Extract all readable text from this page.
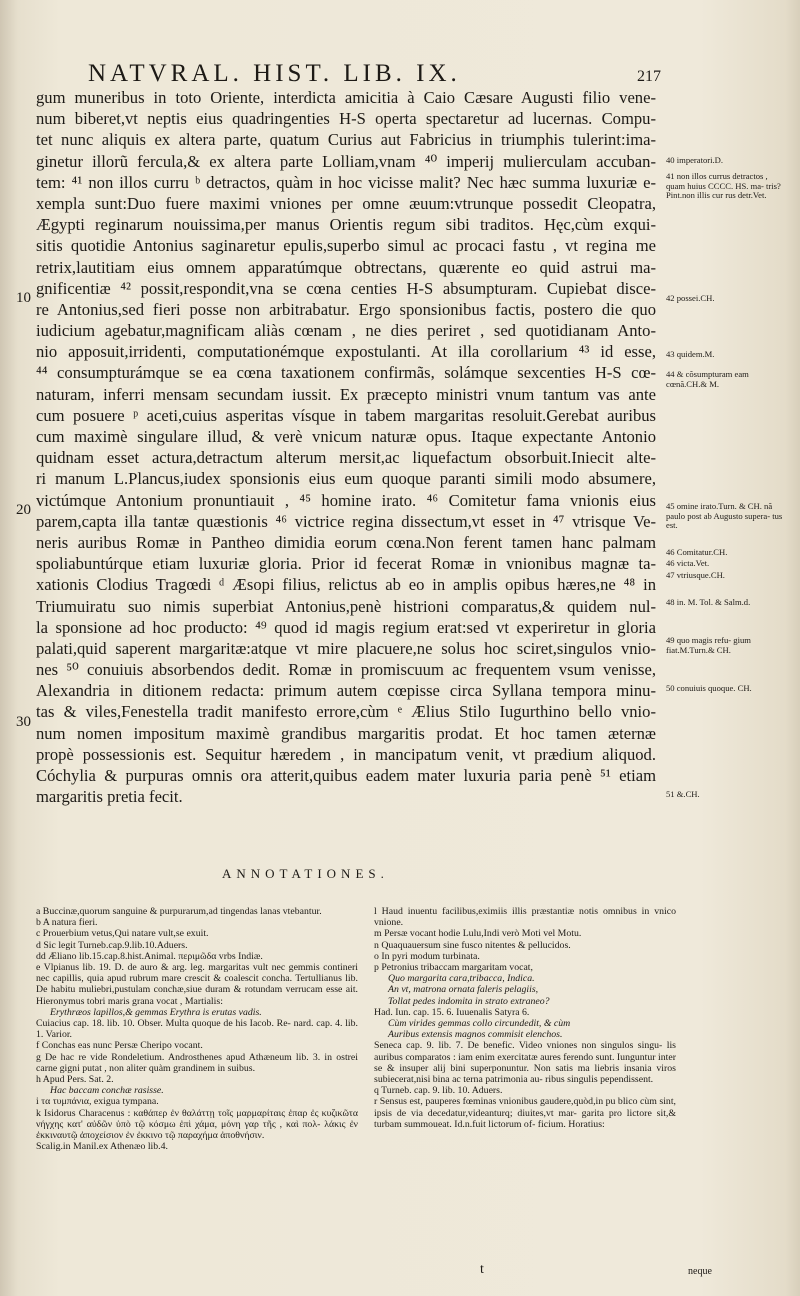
NATVRAL. HIST. LIB. IX.	217
gum muneribus in toto Oriente, interdicta amicitia à Caio Cæsare Augusti filio vene-
num biberet,vt neptis eius quadringenties H-S operta spectaretur ad lucernas. Compu-
tet nunc aliquis ex altera parte, quatum Curius aut Fabricius in triumphis tulerint:ima-
ginetur illorũ fercula,& ex altera parte Lolliam,vnam ⁴⁰ imperij mulierculam accuban-
tem: ⁴¹ non illos curru ᵇ detractos, quàm in hoc vicisse malit? Nec hæc summa luxuriæ e-
xempla sunt:Duo fuere maximi vniones per omne æuum:vtrunque possedit Cleopatra,
Ægypti reginarum nouissima,per manus Orientis regum sibi traditos. Hęc,cùm exqui-
sitis quotidie Antonius saginaretur epulis,superbo simul ac procaci fastu , vt regina me
retrix,lautitiam eius omnem apparatúmque obtrectans, quærente eo quid astrui ma-
gnificentiæ ⁴² possit,respondit,vna se cœna centies H-S absumpturam. Cupiebat disce-
re Antonius,sed fieri posse non arbitrabatur. Ergo sponsionibus factis, postero die quo
iudicium agebatur,magnificam aliàs cœnam , ne dies periret , sed quotidianam Anto-
nio apposuit,irridenti, computationémque expostulanti. At illa corollarium ⁴³ id esse,
⁴⁴ consumpturámque se ea cœna taxationem confirmãs, solámque sexcenties H-S cœ-
naturam, inferri mensam secundam iussit. Ex præcepto ministri vnum tantum vas ante
cum posuere ᵖ aceti,cuius asperitas vísque in tabem margaritas resoluit.Gerebat auribus
cum maximè singulare illud, & verè vnicum naturæ opus. Itaque expectante Antonio
quidnam esset actura,detractum alterum mersit,ac liquefactum obsorbuit.Iniecit alte-
ri manum L.Plancus,iudex sponsionis eius eum quoque paranti simili modo absumere,
victúmque Antonium pronuntiauit , ⁴⁵ homine irato. ⁴⁶ Comitetur fama vnionis eius
parem,capta illa tantæ quæstionis ⁴⁶ victrice regina dissectum,vt esset in ⁴⁷ vtrisque Ve-
neris auribus Romæ in Pantheo dimidia eorum cœna.Non ferent tamen hanc palmam
spoliabuntúrque etiam luxuriæ gloria. Prior id fecerat Romæ in vnionibus magnæ ta-
xationis Clodius Tragœdi ᵈ Æsopi filius, relictus ab eo in amplis opibus hæres,ne ⁴⁸ in
Triumuiratu suo nimis superbiat Antonius,penè histrioni comparatus,& quidem nul-
la sponsione ad hoc producto: ⁴⁹ quod id magis regium erat:sed vt experiretur in gloria
palati,quid saperent margaritæ:atque vt mire placuere,ne solus hoc sciret,singulos vnio-
nes ⁵⁰ conuiuis absorbendos dedit. Romæ in promiscuum ac frequentem vsum venisse,
Alexandria in ditionem redacta: primum autem cœpisse circa Syllana tempora minu-
tas & viles,Fenestella tradit manifesto errore,cùm ᵉ Ælius Stilo Iugurthino bello vnio-
num nomen impositum maximè grandibus margaritis prodat. Et hoc tamen æternæ
propè possessionis est. Sequitur hæredem , in mancipatum venit, vt prædium aliquod.
Cóchylia & purpuras omnis ora atterit,quibus eadem mater luxuria paria penè ⁵¹ etiam
margaritis pretia fecit.
10
20
30
40 imperatori.D.
41 non illos currus detractos , quam huius CCCC. HS. ma- tris?Pint.non illis cur rus detr.Vet.
42 possei.CH.
43 quidem.M.
44 & cõsumpturam eam cœnã.CH.& M.
45 omine irato.Turn. & CH. nã paulo post ab Augusto supera- tus est.
46 Comitatur.CH.
46 victa.Vet.
47 vtriusque.CH.
48 in. M. Tol. & Salm.d.
49 quo magis refu- gium fiat.M.Turn.& CH.
50 conuiuis quoque. CH.
51 &.CH.
ANNOTATIONES.
a Buccinæ,quorum sanguine & purpurarum,ad tingendas lanas vtebantur.
b A natura fieri.
c Prouerbium vetus,Qui natare vult,se exuit.
d Sic legit Turneb.cap.9.lib.10.Aduers.
dd Æliano lib.15.cap.8.hist.Animal. περιμῶδα vrbs Indiæ.
e Vlpianus lib. 19. D. de auro & arg. leg. margaritas vult nec gemmis contineri nec capillis, quia apud rubrum mare crescit & coalescit concha. Tertullianus lib. De habitu muliebri,pustulam conchæ,siue duram & rotundam verrucam esse ait. Hieronymus tobri maris grana vocat , Martialis:
Erythræos lapillos,& gemmas Erythra is erutas vadis.
Cuiacius cap. 18. lib. 10. Obser. Multa quoque de his Iacob. Re- nard. cap. 4. lib. 1. Varior.
f Conchas eas nunc Persæ Cheripo vocant.
g De hac re vide Rondeletium. Androsthenes apud Athæneum lib. 3. in ostrei carne gigni putat , non aliter quàm grandinem in suibus.
h Apud Pers. Sat. 2.
Hac baccam conchæ rasisse.
i τα τυμπάνια, exigua tympana.
k Isidorus Characenus : καθάπερ ἐν θαλάττῃ τοῖς μαρμαρίταις ἐπαρ ἐς κυζικῶτα νήγχης κατ' αὐδῶν ὑπὸ τῷ κόσμω ἐπὶ χάμα, μόνη γαρ τῆς , καὶ πολ- λάκις ἐν ἐκκιναυτῷ ἀποχείσιον ἐν ἐκκινο τῷ παραχήμα ἀποθνήσιν.
Scalig.in Manil.ex Athenæo lib.4.
l Haud inuentu facilibus,eximiis illis præstantiæ notis omnibus in vnico vnione.
m Persæ vocant hodie Lulu,Indi verò Moti vel Motu.
n Quaquauersum sine fusco nitentes & pellucidos.
o In pyri modum turbinata.
p Petronius tribaccam margaritam vocat,
Quo margarita cara,tribacca, Indica.
An vt, matrona ornata faleris pelagiis,
Tollat pedes indomita in strato extraneo?
Had. Iun. cap. 15. 6. Iuuenalis Satyra 6.
Cùm virides gemmas collo circundedit, & cùm
Auribus extensis magnos commisit elenchos.
Seneca cap. 9. lib. 7. De benefic. Video vniones non singulos singu- lis auribus comparatos : iam enim exercitatæ aures ferendo sunt. Iunguntur inter se & insuper alij bini superponuntur. Non satis ma liebris insania viros subiecerat,nisi bina ac terna patrimonia au- ribus singulis pependissent.
q Turneb. cap. 9. lib. 10. Aduers.
r Sensus est, pauperes fœminas vnionibus gaudere,quòd,in pu blico cùm sint, ipsis de via decedatur,videanturq; diuites,vt mar- garita pro lictore sit,& turbam summoueat. Id.n.fuit lictorum of- ficium. Horatius:
t	neque
